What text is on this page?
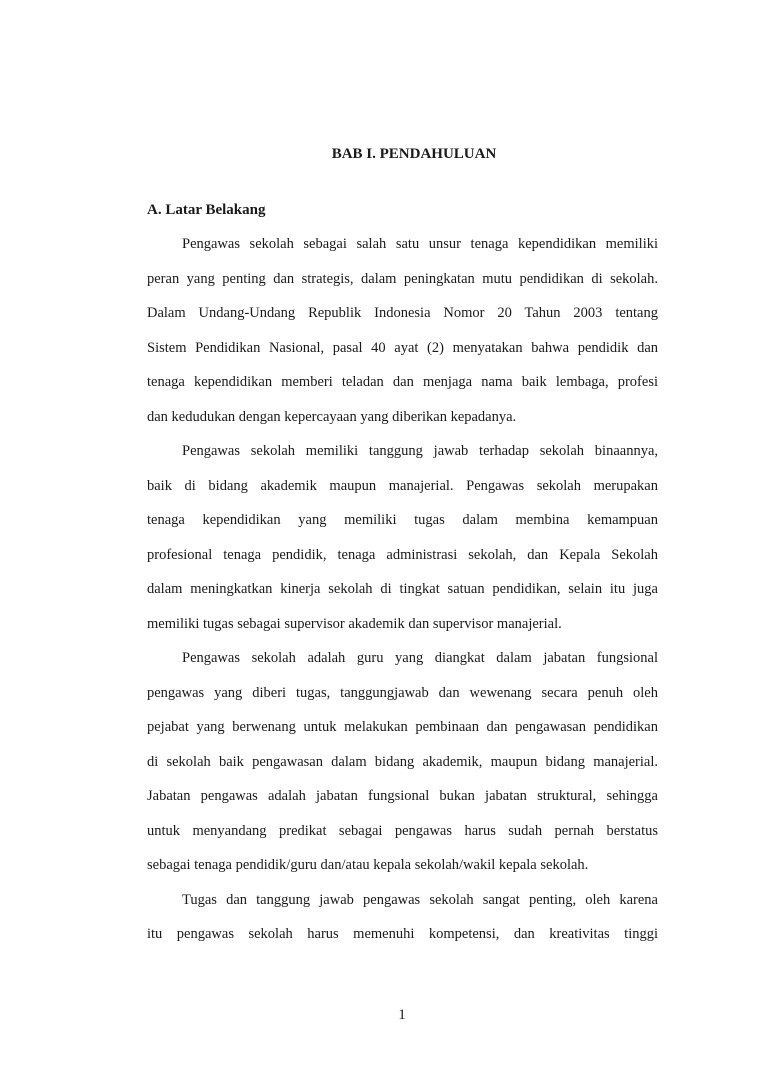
BAB I. PENDAHULUAN
A. Latar Belakang
Pengawas sekolah sebagai salah satu unsur tenaga kependidikan memiliki
peran yang penting dan strategis, dalam peningkatan mutu pendidikan di sekolah.
Dalam Undang-Undang Republik Indonesia Nomor 20 Tahun 2003 tentang
Sistem Pendidikan Nasional, pasal 40 ayat (2) menyatakan bahwa pendidik dan
tenaga kependidikan memberi teladan dan menjaga nama baik lembaga, profesi
dan kedudukan dengan kepercayaan yang diberikan kepadanya.
Pengawas sekolah memiliki tanggung jawab terhadap sekolah binaannya,
baik di bidang akademik maupun manajerial. Pengawas sekolah merupakan
tenaga kependidikan yang memiliki tugas dalam membina kemampuan
profesional tenaga pendidik, tenaga administrasi sekolah, dan Kepala Sekolah
dalam meningkatkan kinerja sekolah di tingkat satuan pendidikan, selain itu juga
memiliki tugas sebagai supervisor akademik dan supervisor manajerial.
Pengawas sekolah adalah guru yang diangkat dalam jabatan fungsional
pengawas yang diberi tugas, tanggungjawab dan wewenang secara penuh oleh
pejabat yang berwenang untuk melakukan pembinaan dan pengawasan pendidikan
di sekolah baik pengawasan dalam bidang akademik, maupun bidang manajerial.
Jabatan pengawas adalah jabatan fungsional bukan jabatan struktural, sehingga
untuk menyandang predikat sebagai pengawas harus sudah pernah berstatus
sebagai tenaga pendidik/guru dan/atau kepala sekolah/wakil kepala sekolah.
Tugas dan tanggung jawab pengawas sekolah sangat penting, oleh karena
itu pengawas sekolah harus memenuhi kompetensi, dan kreativitas tinggi
1
